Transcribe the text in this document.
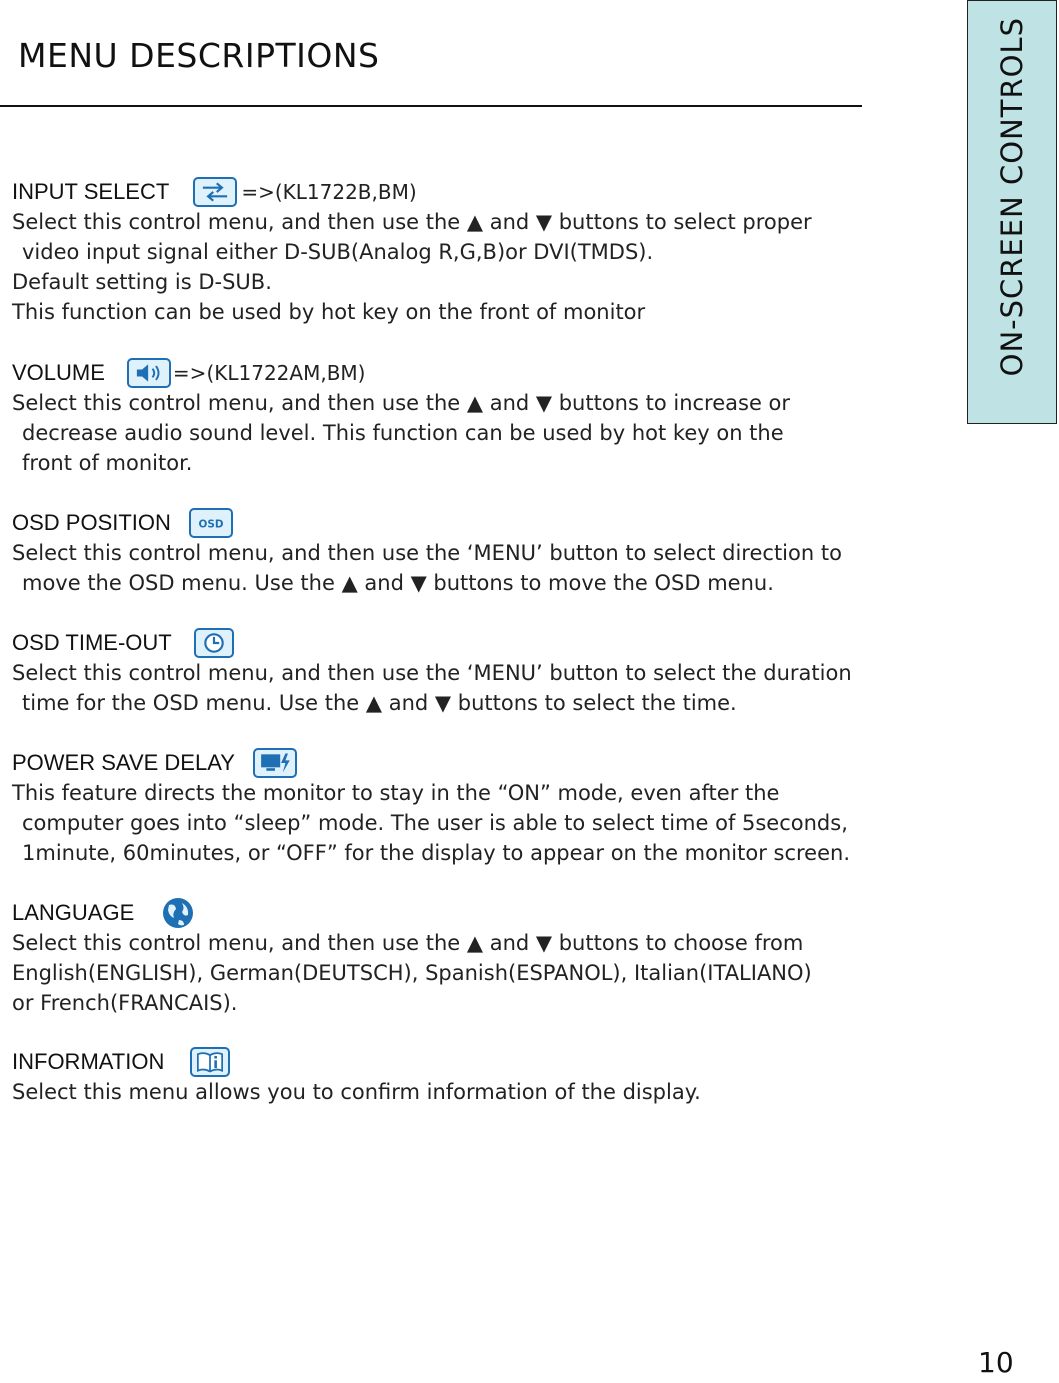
MENU DESCRIPTIONS	ON-SCREEN CONTROLS
INPUT SELECT	=>(KL1722B,BM)
Select this control menu, and then use the ▲ and ▼ buttons to select proper
video input signal either D-SUB(Analog R,G,B)or DVI(TMDS).
Default setting is D-SUB.
This function can be used by hot key on the front of monitor
VOLUME	=>(KL1722AM,BM)
Select this control menu, and then use the ▲ and ▼ buttons to increase or
decrease audio sound level. This function can be used by hot key on the
front of monitor.
OSD POSITION OSD
Select this control menu, and then use the ‘MENU’ button to select direction to
move the OSD menu. Use the ▲ and ▼ buttons to move the OSD menu.
OSD TIME-OUT
Select this control menu, and then use the ‘MENU’ button to select the duration
time for the OSD menu. Use the ▲ and ▼ buttons to select the time.
POWER SAVE DELAY
This feature directs the monitor to stay in the “ON” mode, even after the
computer goes into “sleep” mode. The user is able to select time of 5seconds,
1minute, 60minutes, or “OFF” for the display to appear on the monitor screen.
LANGUAGE
Select this control menu, and then use the ▲ and ▼ buttons to choose from
English(ENGLISH), German(DEUTSCH), Spanish(ESPANOL), Italian(ITALIANO)
or French(FRANCAIS).
INFORMATION
Select this menu allows you to confirm information of the display.
10
